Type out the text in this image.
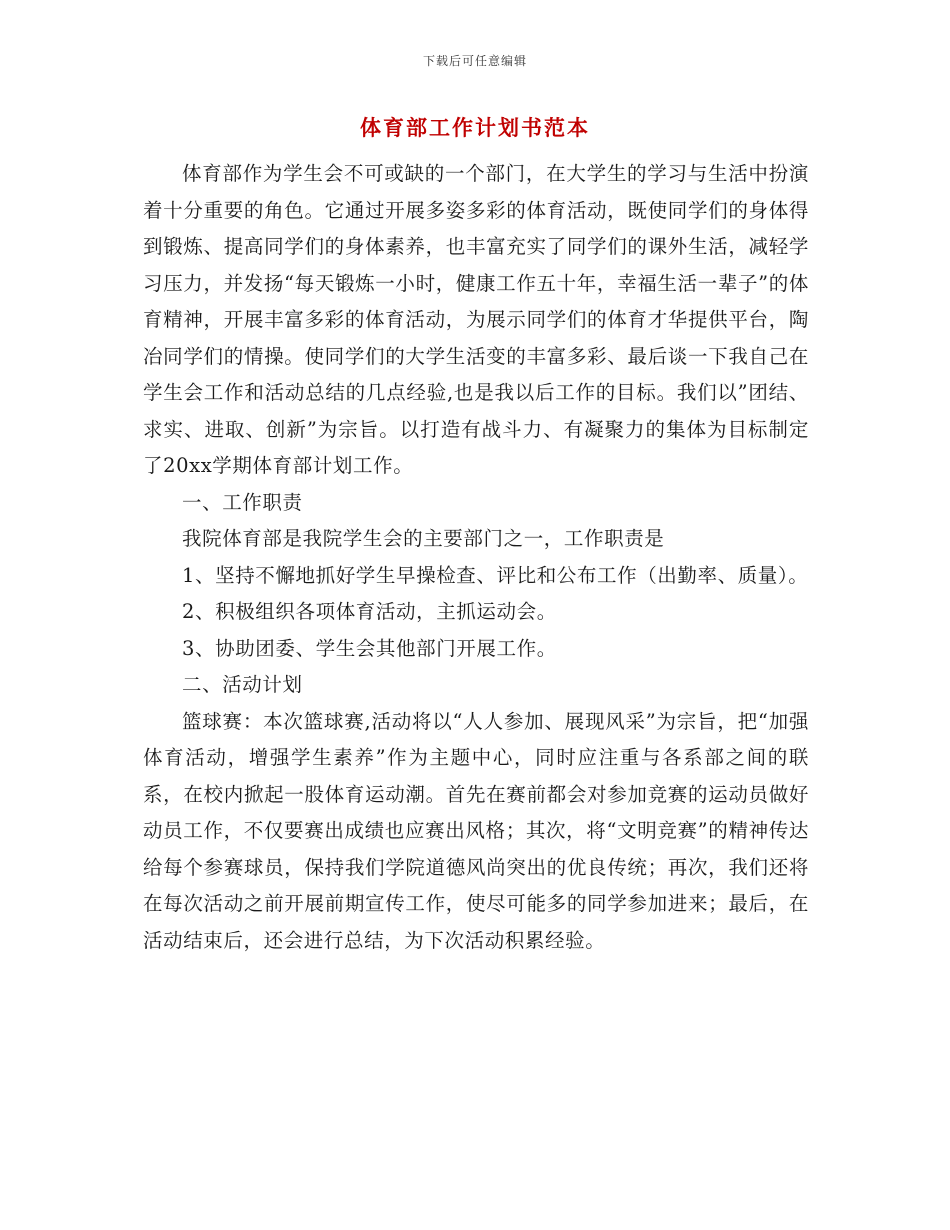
下载后可任意编辑
体育部工作计划书范本

体育部作为学生会不可或缺的一个部门，在大学生的学习与生活中扮演着十分重要的角色。它通过开展多姿多彩的体育活动，既使同学们的身体得到锻炼、提高同学们的身体素养，也丰富充实了同学们的课外生活，减轻学习压力，并发扬“每天锻炼一小时，健康工作五十年，幸福生活一辈子”的体育精神，开展丰富多彩的体育活动，为展示同学们的体育才华提供平台，陶冶同学们的情操。使同学们的大学生活变的丰富多彩、最后谈一下我自己在学生会工作和活动总结的几点经验,也是我以后工作的目标。我们以”团结、求实、进取、创新”为宗旨。以打造有战斗力、有凝聚力的集体为目标制定了20xx学期体育部计划工作。

一、工作职责

我院体育部是我院学生会的主要部门之一，工作职责是

1、坚持不懈地抓好学生早操检查、评比和公布工作（出勤率、质量）。

2、积极组织各项体育活动，主抓运动会。

3、协助团委、学生会其他部门开展工作。

二、活动计划

篮球赛：本次篮球赛,活动将以“人人参加、展现风采”为宗旨，把“加强体育活动，增强学生素养”作为主题中心，同时应注重与各系部之间的联系，在校内掀起一股体育运动潮。首先在赛前都会对参加竞赛的运动员做好动员工作，不仅要赛出成绩也应赛出风格；其次，将“文明竞赛”的精神传达给每个参赛球员，保持我们学院道德风尚突出的优良传统；再次，我们还将在每次活动之前开展前期宣传工作，使尽可能多的同学参加进来；最后，在活动结束后，还会进行总结，为下次活动积累经验。
